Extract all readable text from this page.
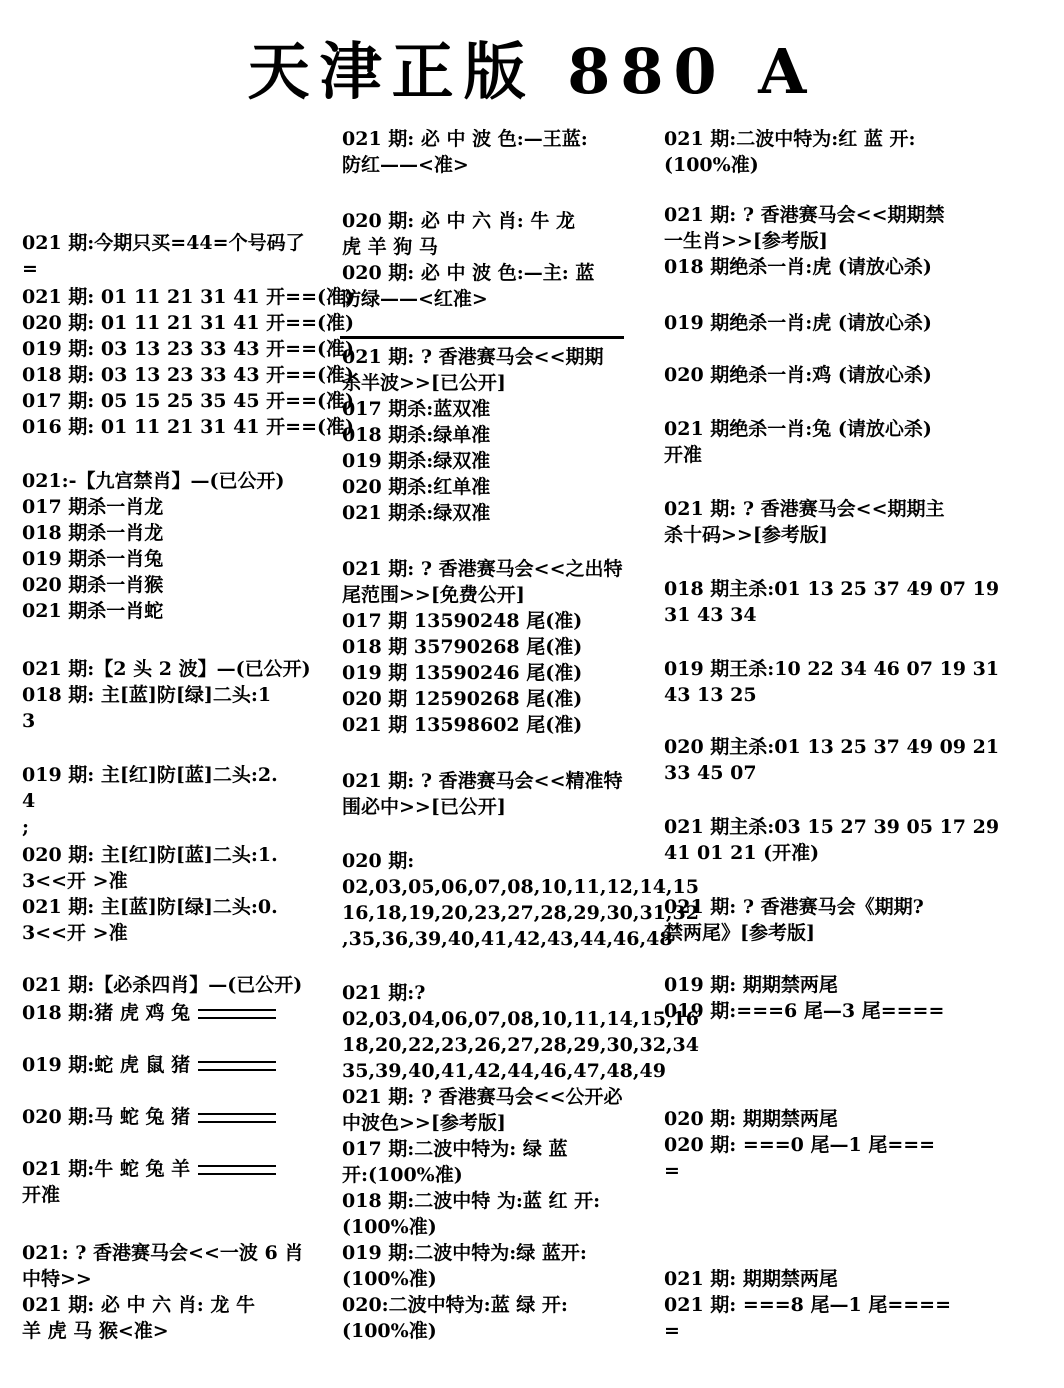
天津正版 880 A
021 期:今期只买=44=个号码了
=
021 期: 01 11 21 31 41 开==(准)
020 期: 01 11 21 31 41 开==(准)
019 期: 03 13 23 33 43 开==(准)
018 期: 03 13 23 33 43 开==(准)
017 期: 05 15 25 35 45 开==(准)
016 期: 01 11 21 31 41 开==(准)
021:-【九宫禁肖】—(已公开)
017 期杀一肖龙
018 期杀一肖龙
019 期杀一肖兔
020 期杀一肖猴
021 期杀一肖蛇
021 期:【2 头 2 波】—(已公开)
018 期: 主[蓝]防[绿]二头:1
3
019 期: 主[红]防[蓝]二头:2.
4
;
020 期: 主[红]防[蓝]二头:1.
3<<开 >准
021 期: 主[蓝]防[绿]二头:0.
3<<开 >准
021 期:【必杀四肖】—(已公开)
018 期:猪 虎 鸡 兔
019 期:蛇 虎 鼠 猪
020 期:马 蛇 兔 猪
021 期:牛 蛇 兔 羊
开准
021: ? 香港赛马会<<一波 6 肖
中特>>
021 期: 必 中 六 肖: 龙 牛
羊 虎 马 猴<准>
021 期: 必 中 波 色:—王蓝:
防红——<准>
020 期: 必 中 六 肖: 牛 龙
虎 羊 狗 马
020 期: 必 中 波 色:—主: 蓝
防绿——<红准>
021 期: ? 香港赛马会<<期期
杀半波>>[已公开]
017 期杀:蓝双准
018 期杀:绿单准
019 期杀:绿双准
020 期杀:红单准
021 期杀:绿双准
021 期: ? 香港赛马会<<之出特
尾范围>>[免费公开]
017 期 13590248 尾(准)
018 期 35790268 尾(准)
019 期 13590246 尾(准)
020 期 12590268 尾(准)
021 期 13598602 尾(准)
021 期: ? 香港赛马会<<精准特
围必中>>[已公开]
020 期:
02,03,05,06,07,08,10,11,12,14,15
16,18,19,20,23,27,28,29,30,31,32
,35,36,39,40,41,42,43,44,46,48
021 期:?
02,03,04,06,07,08,10,11,14,15,16
18,20,22,23,26,27,28,29,30,32,34
35,39,40,41,42,44,46,47,48,49
021 期: ? 香港赛马会<<公开必
中波色>>[参考版]
017 期:二波中特为: 绿 蓝
开:(100%准)
018 期:二波中特 为:蓝 红 开:
(100%准)
019 期:二波中特为:绿 蓝开:
(100%准)
020:二波中特为:蓝 绿 开:
(100%准)
021 期:二波中特为:红 蓝 开:
(100%准)
021 期: ? 香港赛马会<<期期禁
一生肖>>[参考版]
018 期绝杀一肖:虎 (请放心杀)
019 期绝杀一肖:虎 (请放心杀)
020 期绝杀一肖:鸡 (请放心杀)
021 期绝杀一肖:兔 (请放心杀)
开准
021 期: ? 香港赛马会<<期期主
杀十码>>[参考版]
018 期主杀:01 13 25 37 49 07 19
31 43 34
019 期王杀:10 22 34 46 07 19 31
43 13 25
020 期主杀:01 13 25 37 49 09 21
33 45 07
021 期主杀:03 15 27 39 05 17 29
41 01 21 (开准)
021 期: ? 香港赛马会《期期?
禁两尾》[参考版]
019 期: 期期禁两尾
019 期:===6 尾—3 尾====
020 期: 期期禁两尾
020 期: ===0 尾—1 尾===
=
021 期: 期期禁两尾
021 期: ===8 尾—1 尾====
=
